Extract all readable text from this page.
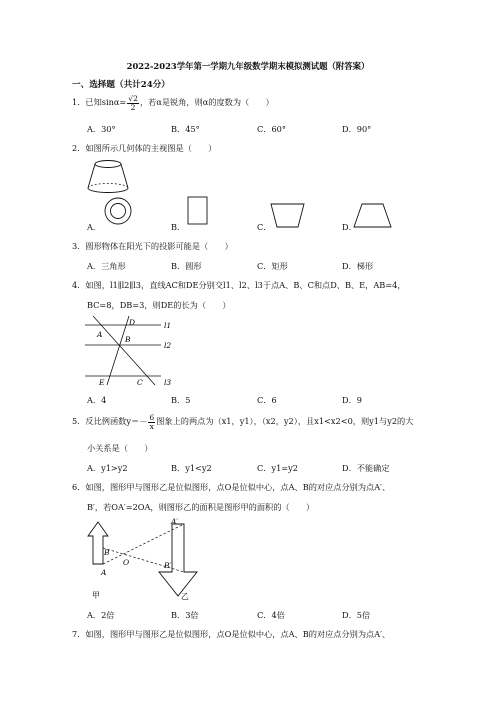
2022-2023学年第一学期九年级数学期末模拟测试题（附答案）
一、选择题（共计24分）
1．已知$\sin\alpha= \frac{√2}{2}$ ，若α是锐角，则α的度数为（　　）
A．30°	B．45°	C．60°	D．90°
2．如图所示几何体的主视图是（　　）
A．	B．	C．	D．
3．圆形物体在阳光下的投影可能是（　　）
A．三角形	B．圆形	C．矩形	D．梯形
4．如图，l1∥l2∥l3，直线AC和DE分别交l1、l2、l3于点A、B、C和点D、B、E，AB=4，
BC=8，DB=3，则DE的长为（　　）
l1
l2
l3
A
D
B
E	C
A．4	B．5	C．6	D．9
5．反比例函数$y=- \frac{6}{x}$ 图象上的两点为（x1，y1），（x2，y2），且x1<x2<0，则y1与y2的大
小关系是（　　）
A．y1>y2	B．y1<y2	C．y1=y2	D．不能确定
6．如图，图形甲与图形乙是位似图形，点O是位似中心，点A、B的对应点分别为点A′、
B′，若OA′=2OA，则图形乙的面积是图形甲的面积的（　　）
A′
B′
B
O
A
甲	乙
A．2倍	B．3倍	C．4倍	D．5倍
7．如图，图形甲与图形乙是位似图形，点O是位似中心，点A、B的对应点分别为点A′、
